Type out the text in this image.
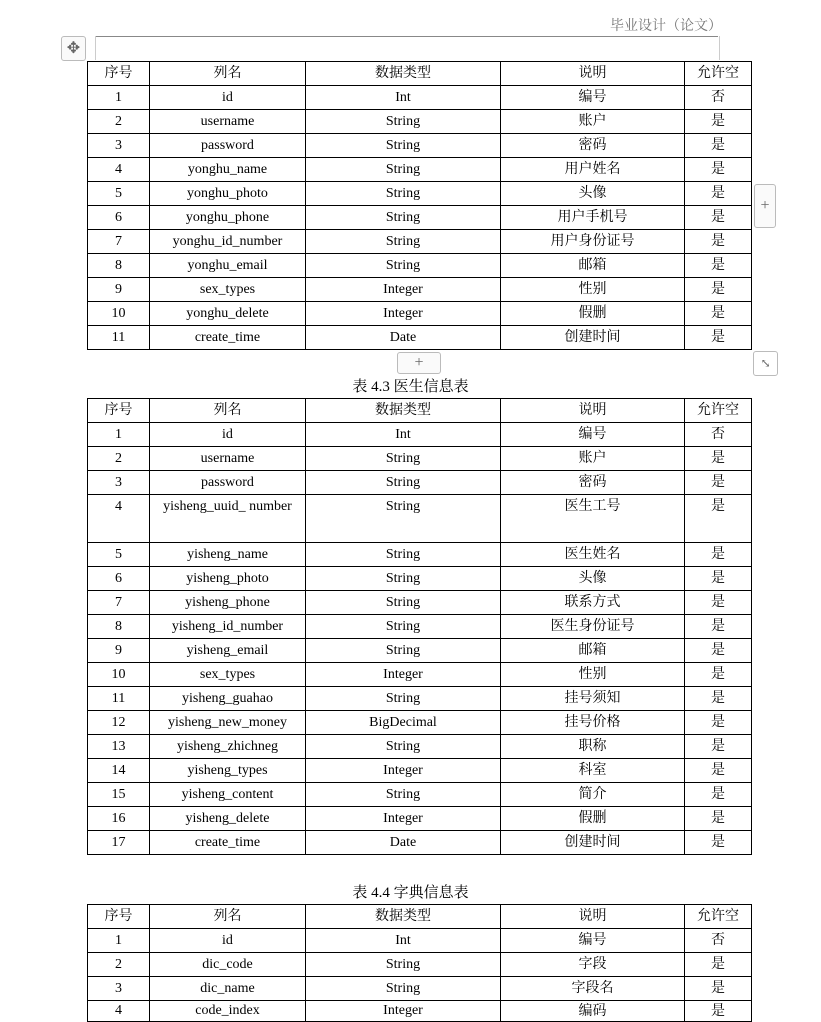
毕业设计（论文）
✥
+
+	⤡
表 4.3 医生信息表
表 4.4 字典信息表
序号	列名	数据类型	说明	允许空
1	id	Int	编号	否
2	username	String	账户	是
3	password	String	密码	是
4	yonghu_name	String	用户姓名	是
5	yonghu_photo	String	头像	是
6	yonghu_phone	String	用户手机号	是
7	yonghu_id_number	String	用户身份证号	是
8	yonghu_email	String	邮箱	是
9	sex_types	Integer	性别	是
10	yonghu_delete	Integer	假删	是
11	create_time	Date	创建时间	是
序号	列名	数据类型	说明	允许空
1	id	Int	编号	否
2	username	String	账户	是
3	password	String	密码	是
4	yisheng_uuid_ number	String	医生工号	是
5	yisheng_name	String	医生姓名	是
6	yisheng_photo	String	头像	是
7	yisheng_phone	String	联系方式	是
8	yisheng_id_number	String	医生身份证号	是
9	yisheng_email	String	邮箱	是
10	sex_types	Integer	性别	是
11	yisheng_guahao	String	挂号须知	是
12	yisheng_new_money	BigDecimal	挂号价格	是
13	yisheng_zhichneg	String	职称	是
14	yisheng_types	Integer	科室	是
15	yisheng_content	String	简介	是
16	yisheng_delete	Integer	假删	是
17	create_time	Date	创建时间	是
序号	列名	数据类型	说明	允许空
1	id	Int	编号	否
2	dic_code	String	字段	是
3	dic_name	String	字段名	是
4	code_index	Integer	编码	是
